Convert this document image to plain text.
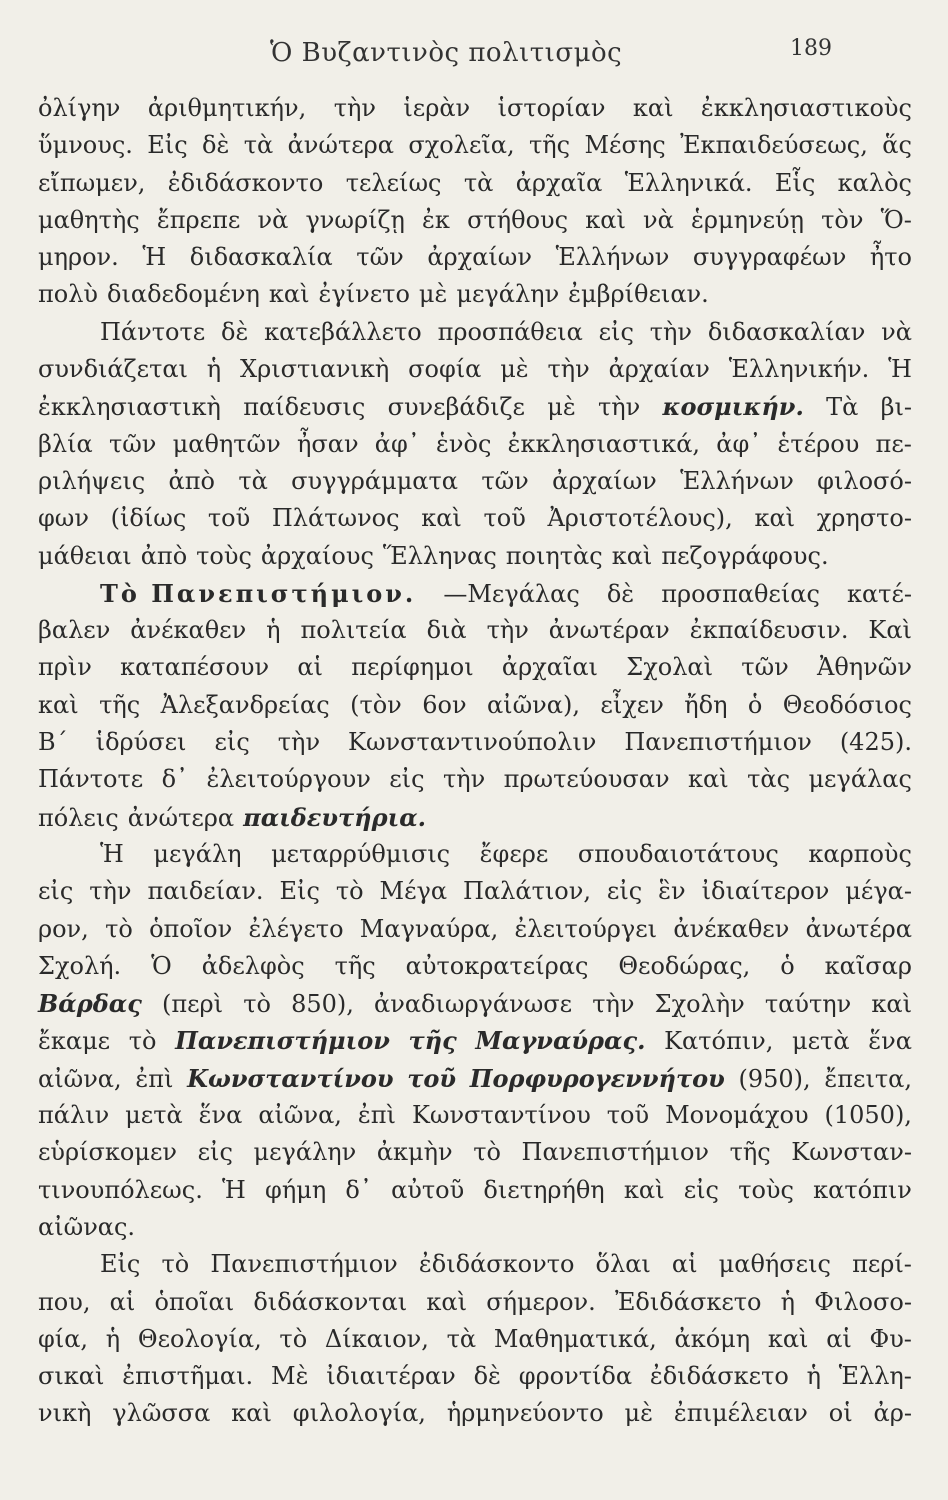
Ὁ Βυζαντινὸς πολιτισμὸς	189
ὀλίγην ἀριθμητικήν, τὴν ἱερὰν ἱστορίαν καὶ ἐκκλησιαστικοὺς
ὕμνους. Εἰς δὲ τὰ ἀνώτερα σχολεῖα, τῆς Μέσης Ἐκπαιδεύσεως, ἅς
εἴπωμεν, ἐδιδάσκοντο τελείως τὰ ἀρχαῖα Ἑλληνικά. Εἷς καλὸς
μαθητὴς ἔπρεπε νὰ γνωρίζῃ ἐκ στήθους καὶ νὰ ἑρμηνεύῃ τὸν Ὅ-
μηρον. Ἡ διδασκαλία τῶν ἀρχαίων Ἑλλήνων συγγραφέων ἦτο
πολὺ διαδεδομένη καὶ ἐγίνετο μὲ μεγάλην ἐμβρίθειαν.
Πάντοτε δὲ κατεβάλλετο προσπάθεια εἰς τὴν διδασκαλίαν νὰ
συνδιάζεται ἡ Χριστιανικὴ σοφία μὲ τὴν ἀρχαίαν Ἑλληνικήν. Ἡ
ἐκκλησιαστικὴ παίδευσις συνεβάδιζε μὲ τὴν κοσμικήν. Τὰ βι-
βλία τῶν μαθητῶν ἦσαν ἀφ᾿ ἑνὸς ἐκκλησιαστικά, ἀφ᾿ ἑτέρου πε-
ριλήψεις ἀπὸ τὰ συγγράμματα τῶν ἀρχαίων Ἑλλήνων φιλοσό-
φων (ἰδίως τοῦ Πλάτωνος καὶ τοῦ Ἀριστοτέλους), καὶ χρηστο-
μάθειαι ἀπὸ τοὺς ἀρχαίους Ἕλληνας ποιητὰς καὶ πεζογράφους.
Τὸ Πανεπιστήμιον. —Μεγάλας δὲ προσπαθείας κατέ-
βαλεν ἀνέκαθεν ἡ πολιτεία διὰ τὴν ἀνωτέραν ἐκπαίδευσιν. Καὶ
πρὶν καταπέσουν αἱ περίφημοι ἀρχαῖαι Σχολαὶ τῶν Ἀθηνῶν
καὶ τῆς Ἀλεξανδρείας (τὸν 6ον αἰῶνα), εἶχεν ἤδη ὁ Θεοδόσιος
Β΄ ἱδρύσει εἰς τὴν Κωνσταντινούπολιν Πανεπιστήμιον (425).
Πάντοτε δ᾿ ἐλειτούργουν εἰς τὴν πρωτεύουσαν καὶ τὰς μεγάλας
πόλεις ἀνώτερα παιδευτήρια.
Ἡ μεγάλη μεταρρύθμισις ἔφερε σπουδαιοτάτους καρποὺς
εἰς τὴν παιδείαν. Εἰς τὸ Μέγα Παλάτιον, εἰς ἓν ἰδιαίτερον μέγα-
ρον, τὸ ὁποῖον ἐλέγετο Μαγναύρα, ἐλειτούργει ἀνέκαθεν ἀνωτέρα
Σχολή. Ὁ ἀδελφὸς τῆς αὐτοκρατείρας Θεοδώρας, ὁ καῖσαρ
Βάρδας (περὶ τὸ 850), ἀναδιωργάνωσε τὴν Σχολὴν ταύτην καὶ
ἔκαμε τὸ Πανεπιστήμιον τῆς Μαγναύρας. Κατόπιν, μετὰ ἕνα
αἰῶνα, ἐπὶ Κωνσταντίνου τοῦ Πορφυρογεννήτου (950), ἔπειτα,
πάλιν μετὰ ἕνα αἰῶνα, ἐπὶ Κωνσταντίνου τοῦ Μονομάχου (1050),
εὑρίσκομεν εἰς μεγάλην ἀκμὴν τὸ Πανεπιστήμιον τῆς Κωνσταν-
τινουπόλεως. Ἡ φήμη δ᾿ αὐτοῦ διετηρήθη καὶ εἰς τοὺς κατόπιν
αἰῶνας.
Εἰς τὸ Πανεπιστήμιον ἐδιδάσκοντο ὅλαι αἱ μαθήσεις περί-
που, αἱ ὁποῖαι διδάσκονται καὶ σήμερον. Ἐδιδάσκετο ἡ Φιλοσο-
φία, ἡ Θεολογία, τὸ Δίκαιον, τὰ Μαθηματικά, ἀκόμη καὶ αἱ Φυ-
σικαὶ ἐπιστῆμαι. Μὲ ἰδιαιτέραν δὲ φροντίδα ἐδιδάσκετο ἡ Ἑλλη-
νικὴ γλῶσσα καὶ φιλολογία, ἡρμηνεύοντο μὲ ἐπιμέλειαν οἱ ἀρ-
